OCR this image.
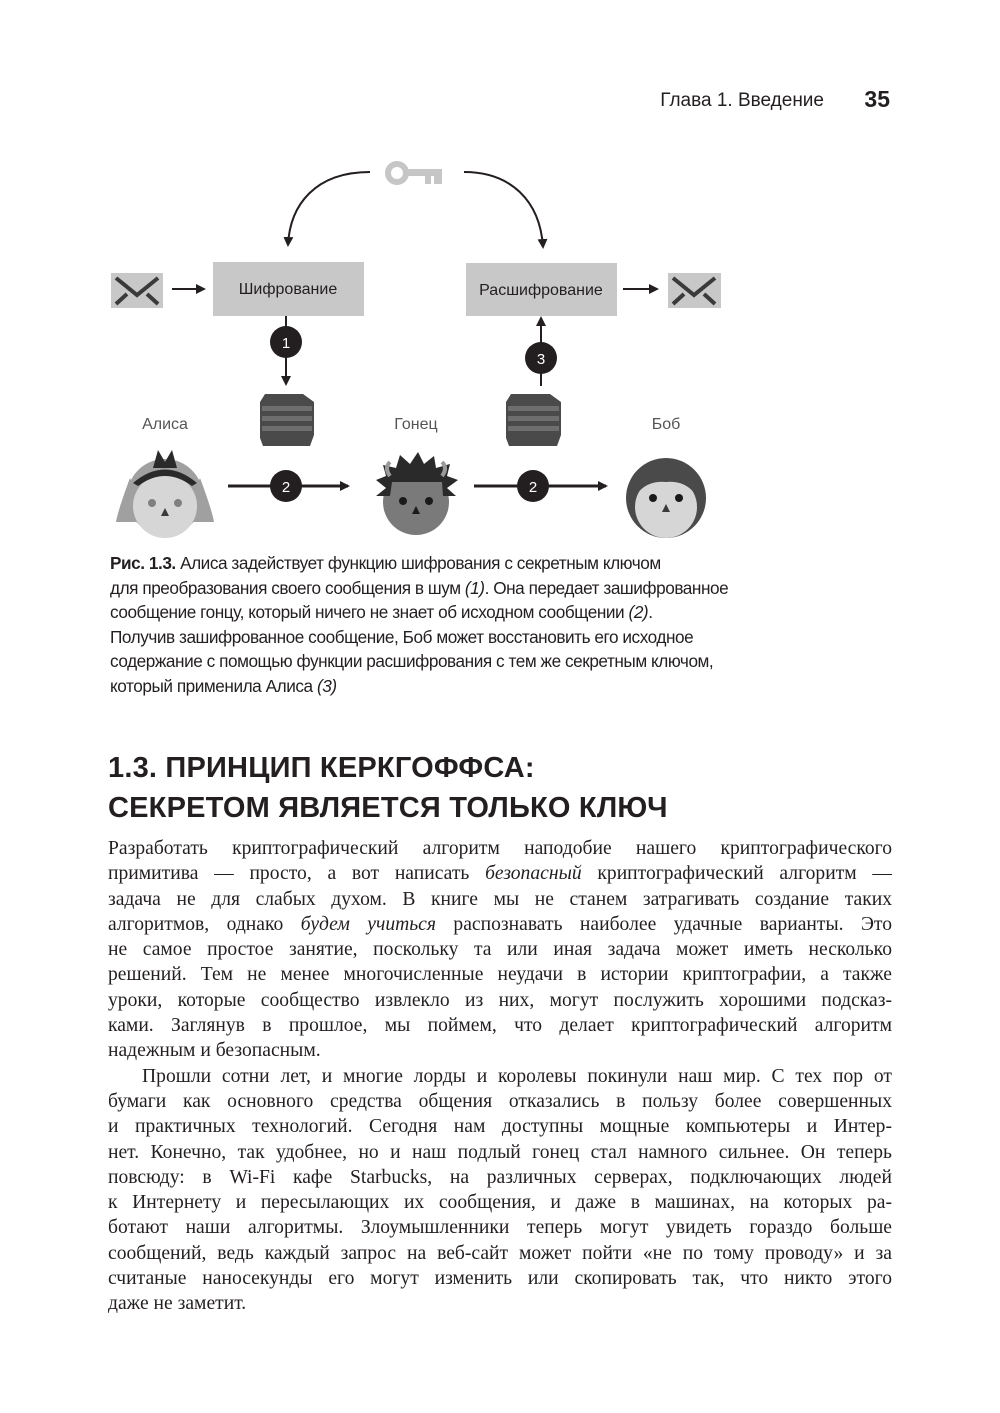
Глава 1. Введение 35
Шифрование	Расшифрование
1
3
Алиса	Гонец	Боб
2	2
Рис. 1.3. Алиса задействует функцию шифрования с секретным ключом
для преобразования своего сообщения в шум (1). Она передает зашифрованное
сообщение гонцу, который ничего не знает об исходном сообщении (2).
Получив зашифрованное сообщение, Боб может восстановить его исходное
содержание с помощью функции расшифрования с тем же секретным ключом,
который применила Алиса (3)
1.3. ПРИНЦИП КЕРКГОФФСА:
СЕКРЕТОМ ЯВЛЯЕТСЯ ТОЛЬКО КЛЮЧ
Разработать криптографический алгоритм наподобие нашего криптографического
примитива — просто, а вот написать безопасный криптографический алгоритм —
задача не для слабых духом. В книге мы не станем затрагивать создание таких
алгоритмов, однако будем учиться распознавать наиболее удачные варианты. Это
не самое простое занятие, поскольку та или иная задача может иметь несколько
решений. Тем не менее многочисленные неудачи в истории криптографии, а также
уроки, которые сообщество извлекло из них, могут послужить хорошими подсказ-
ками. Заглянув в прошлое, мы поймем, что делает криптографический алгоритм
надежным и безопасным.
Прошли сотни лет, и многие лорды и королевы покинули наш мир. С тех пор от
бумаги как основного средства общения отказались в пользу более совершенных
и практичных технологий. Сегодня нам доступны мощные компьютеры и Интер-
нет. Конечно, так удобнее, но и наш подлый гонец стал намного сильнее. Он теперь
повсюду: в Wi-Fi кафе Starbucks, на различных серверах, подключающих людей
к Интернету и пересылающих их сообщения, и даже в машинах, на которых ра-
ботают наши алгоритмы. Злоумышленники теперь могут увидеть гораздо больше
сообщений, ведь каждый запрос на веб-сайт может пойти «не по тому проводу» и за
считаные наносекунды его могут изменить или скопировать так, что никто этого
даже не заметит.
